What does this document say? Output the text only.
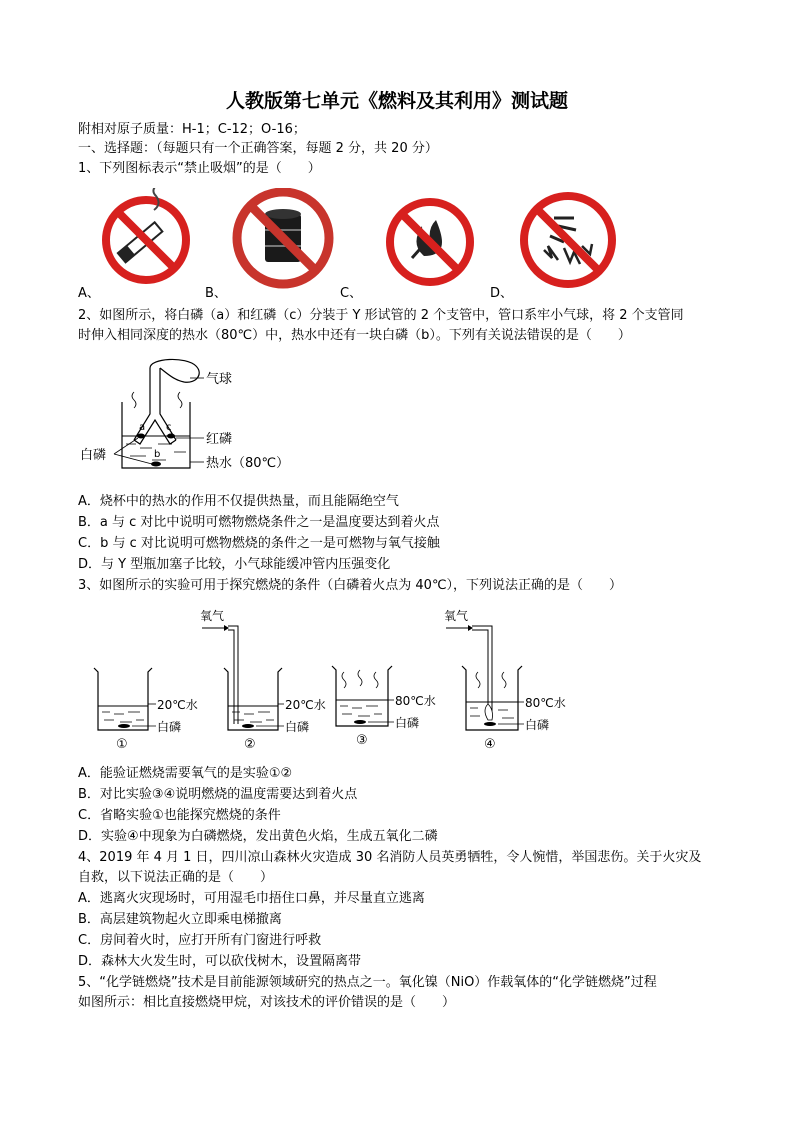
人教版第七单元《燃料及其利用》测试题
附相对原子质量：H-1；C-12；O-16；
一、选择题：（每题只有一个正确答案，每题 2 分，共 20 分）
1、下列图标表示“禁止吸烟”的是（　　）
A、	B、	C、	D、
2、如图所示，将白磷（a）和红磷（c）分装于 Y 形试管的 2 个支管中，管口系牢小气球，将 2 个支管同
时伸入相同深度的热水（80℃）中，热水中还有一块白磷（b）。下列有关说法错误的是（　　）
a c
b
气球
红磷
热水（80℃）
白磷
A．烧杯中的热水的作用不仅提供热量，而且能隔绝空气
B．a 与 c 对比中说明可燃物燃烧条件之一是温度要达到着火点
C．b 与 c 对比说明可燃物燃烧的条件之一是可燃物与氧气接触
D．与 Y 型瓶加塞子比较，小气球能缓冲管内压强变化
3、如图所示的实验可用于探究燃烧的条件（白磷着火点为 40℃），下列说法正确的是（　　）
20℃水
白磷
①
氧气
20℃水
白磷
②
80℃水
白磷
③
氧气
80℃水
白磷
④
A．能验证燃烧需要氧气的是实验①②
B．对比实验③④说明燃烧的温度需要达到着火点
C．省略实验①也能探究燃烧的条件
D．实验④中现象为白磷燃烧，发出黄色火焰，生成五氧化二磷
4、2019 年 4 月 1 日，四川凉山森林火灾造成 30 名消防人员英勇牺牲，令人惋惜，举国悲伤。关于火灾及
自救，以下说法正确的是（　　）
A．逃离火灾现场时，可用湿毛巾捂住口鼻，并尽量直立逃离
B．高层建筑物起火立即乘电梯撤离
C．房间着火时，应打开所有门窗进行呼救
D．森林大火发生时，可以砍伐树木，设置隔离带
5、“化学链燃烧”技术是目前能源领域研究的热点之一。氧化镍（NiO）作载氧体的“化学链燃烧”过程
如图所示：相比直接燃烧甲烷，对该技术的评价错误的是（　　）
